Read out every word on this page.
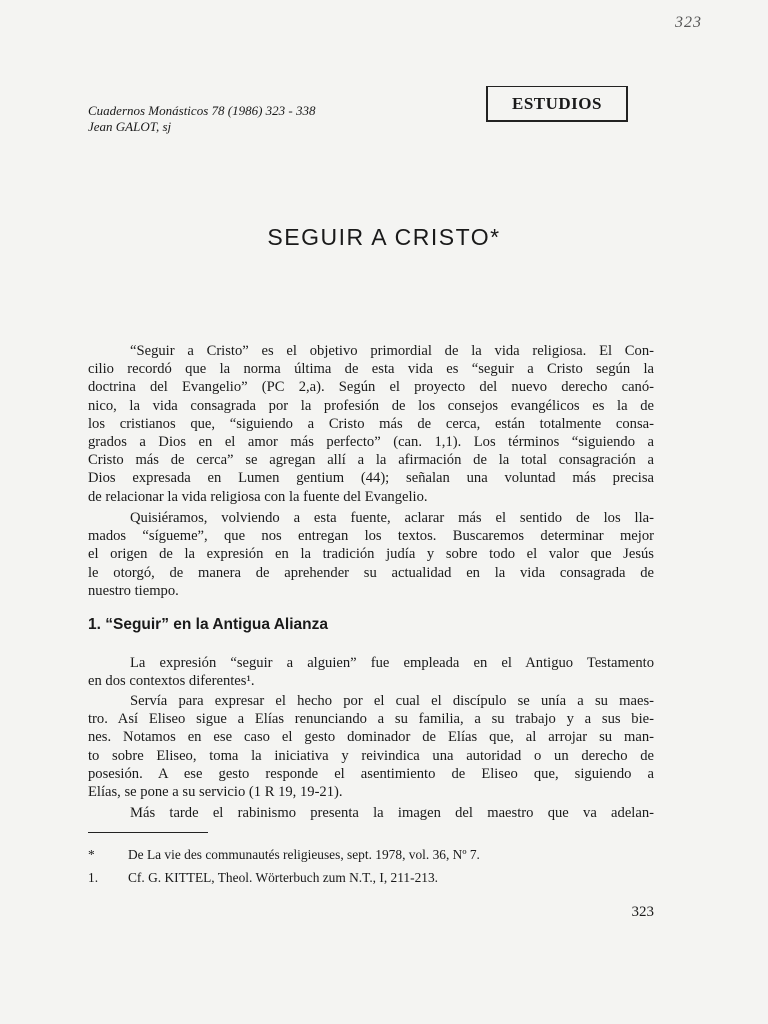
323
Cuadernos Monásticos 78 (1986) 323 - 338
Jean GALOT, sj
ESTUDIOS
SEGUIR A CRISTO*
“Seguir a Cristo” es el objetivo primordial de la vida religiosa. El Con-
cilio recordó que la norma última de esta vida es “seguir a Cristo según la
doctrina del Evangelio” (PC 2,a). Según el proyecto del nuevo derecho canó-
nico, la vida consagrada por la profesión de los consejos evangélicos es la de
los cristianos que, “siguiendo a Cristo más de cerca, están totalmente consa-
grados a Dios en el amor más perfecto” (can. 1,1). Los términos “siguiendo a
Cristo más de cerca” se agregan allí a la afirmación de la total consagración a
Dios expresada en Lumen gentium (44); señalan una voluntad más precisa
de relacionar la vida religiosa con la fuente del Evangelio.
Quisiéramos, volviendo a esta fuente, aclarar más el sentido de los lla-
mados “sígueme”, que nos entregan los textos. Buscaremos determinar mejor
el origen de la expresión en la tradición judía y sobre todo el valor que Jesús
le otorgó, de manera de aprehender su actualidad en la vida consagrada de
nuestro tiempo.
1. “Seguir” en la Antigua Alianza
La expresión “seguir a alguien” fue empleada en el Antiguo Testamento
en dos contextos diferentes¹.
Servía para expresar el hecho por el cual el discípulo se unía a su maes-
tro. Así Eliseo sigue a Elías renunciando a su familia, a su trabajo y a sus bie-
nes. Notamos en ese caso el gesto dominador de Elías que, al arrojar su man-
to sobre Eliseo, toma la iniciativa y reivindica una autoridad o un derecho de
posesión. A ese gesto responde el asentimiento de Eliseo que, siguiendo a
Elías, se pone a su servicio (1 R 19, 19-21).
Más tarde el rabinismo presenta la imagen del maestro que va adelan-
* De La vie des communautés religieuses, sept. 1978, vol. 36, Nº 7.
1. Cf. G. KITTEL, Theol. Wörterbuch zum N.T., I, 211-213.
323
